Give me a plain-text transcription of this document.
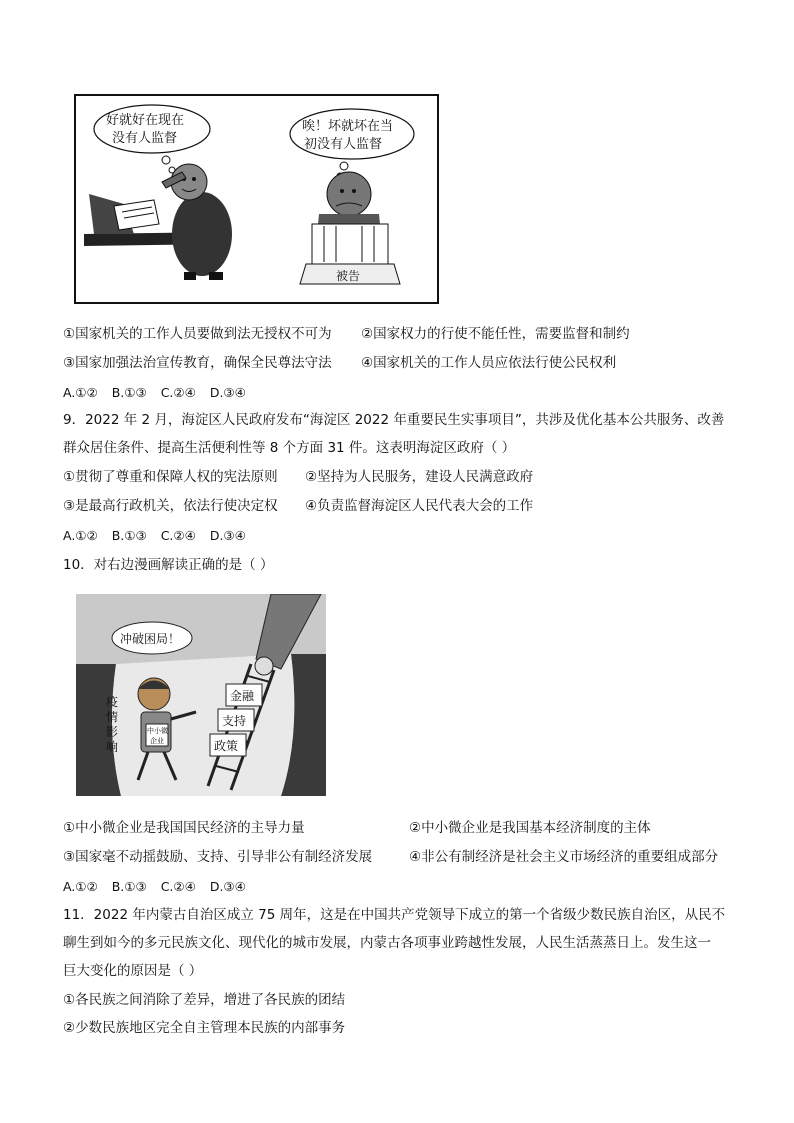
好就好在现在
没有人监督
唉！坏就坏在当
初没有人监督
被告
①国家机关的工作人员要做到法无授权不可为 ②国家权力的行使不能任性，需要监督和制约
③国家加强法治宣传教育，确保全民尊法守法 ④国家机关的工作人员应依法行使公民权利
A.①② B.①③ C.②④ D.③④
9．2022 年 2 月，海淀区人民政府发布“海淀区 2022 年重要民生实事项目”，共涉及优化基本公共服务、改善
群众居住条件、提高生活便利性等 8 个方面 31 件。这表明海淀区政府（ ）
①贯彻了尊重和保障人权的宪法原则 ②坚持为人民服务，建设人民满意政府
③是最高行政机关，依法行使决定权 ④负责监督海淀区人民代表大会的工作
A.①② B.①③ C.②④ D.③④
10．对右边漫画解读正确的是（ ）
金融
支持
政策
冲破困局！
中小微
企业
疫
情
影
响
①中小微企业是我国国民经济的主导力量	②中小微企业是我国基本经济制度的主体
③国家毫不动摇鼓励、支持、引导非公有制经济发展	④非公有制经济是社会主义市场经济的重要组成部分
A.①② B.①③ C.②④ D.③④
11．2022 年内蒙古自治区成立 75 周年，这是在中国共产党领导下成立的第一个省级少数民族自治区，从民不
聊生到如今的多元民族文化、现代化的城市发展，内蒙古各项事业跨越性发展，人民生活蒸蒸日上。发生这一
巨大变化的原因是（ ）
①各民族之间消除了差异，增进了各民族的团结
②少数民族地区完全自主管理本民族的内部事务
